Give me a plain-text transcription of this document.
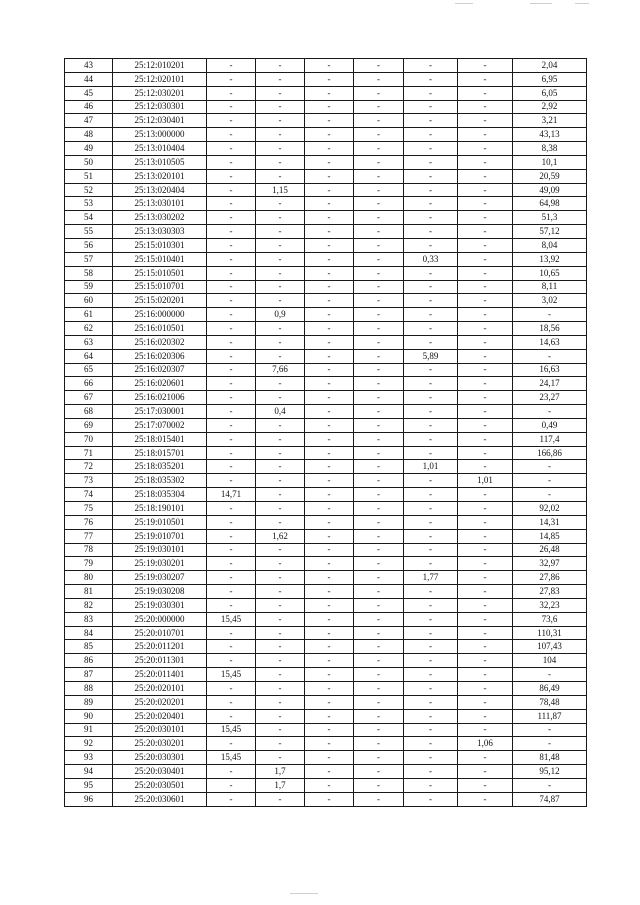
43	25:12:010201	-	-	-	-	-	-	2,04
44	25:12:020101	-	-	-	-	-	-	6,95
45	25:12:030201	-	-	-	-	-	-	6,05
46	25:12:030301	-	-	-	-	-	-	2,92
47	25:12:030401	-	-	-	-	-	-	3,21
48	25:13:000000	-	-	-	-	-	-	43,13
49	25:13:010404	-	-	-	-	-	-	8,38
50	25:13:010505	-	-	-	-	-	-	10,1
51	25:13:020101	-	-	-	-	-	-	20,59
52	25:13:020404	-	1,15	-	-	-	-	49,09
53	25:13:030101	-	-	-	-	-	-	64,98
54	25:13:030202	-	-	-	-	-	-	51,3
55	25:13:030303	-	-	-	-	-	-	57,12
56	25:15:010301	-	-	-	-	-	-	8,04
57	25:15:010401	-	-	-	-	0,33	-	13,92
58	25:15:010501	-	-	-	-	-	-	10,65
59	25:15:010701	-	-	-	-	-	-	8,11
60	25:15:020201	-	-	-	-	-	-	3,02
61	25:16:000000	-	0,9	-	-	-	-	-
62	25:16:010501	-	-	-	-	-	-	18,56
63	25:16:020302	-	-	-	-	-	-	14,63
64	25:16:020306	-	-	-	-	5,89	-	-
65	25:16:020307	-	7,66	-	-	-	-	16,63
66	25:16:020601	-	-	-	-	-	-	24,17
67	25:16:021006	-	-	-	-	-	-	23,27
68	25:17:030001	-	0,4	-	-	-	-	-
69	25:17:070002	-	-	-	-	-	-	0,49
70	25:18:015401	-	-	-	-	-	-	117,4
71	25:18:015701	-	-	-	-	-	-	166,86
72	25:18:035201	-	-	-	-	1,01	-	-
73	25:18:035302	-	-	-	-	-	1,01	-
74	25:18:035304	14,71	-	-	-	-	-	-
75	25:18:190101	-	-	-	-	-	-	92,02
76	25:19:010501	-	-	-	-	-	-	14,31
77	25:19:010701	-	1,62	-	-	-	-	14,85
78	25:19:030101	-	-	-	-	-	-	26,48
79	25:19:030201	-	-	-	-	-	-	32,97
80	25:19:030207	-	-	-	-	1,77	-	27,86
81	25:19:030208	-	-	-	-	-	-	27,83
82	25:19:030301	-	-	-	-	-	-	32,23
83	25:20:000000	15,45	-	-	-	-	-	73,6
84	25:20:010701	-	-	-	-	-	-	110,31
85	25:20:011201	-	-	-	-	-	-	107,43
86	25:20:011301	-	-	-	-	-	-	104
87	25:20:011401	15,45	-	-	-	-	-	-
88	25:20:020101	-	-	-	-	-	-	86,49
89	25:20:020201	-	-	-	-	-	-	78,48
90	25:20:020401	-	-	-	-	-	-	111,87
91	25:20:030101	15,45	-	-	-	-	-	-
92	25:20:030201	-	-	-	-	-	1,06	-
93	25:20:030301	15,45	-	-	-	-	-	81,48
94	25:20:030401	-	1,7	-	-	-	-	95,12
95	25:20:030501	-	1,7	-	-	-	-	-
96	25:20:030601	-	-	-	-	-	-	74,87
